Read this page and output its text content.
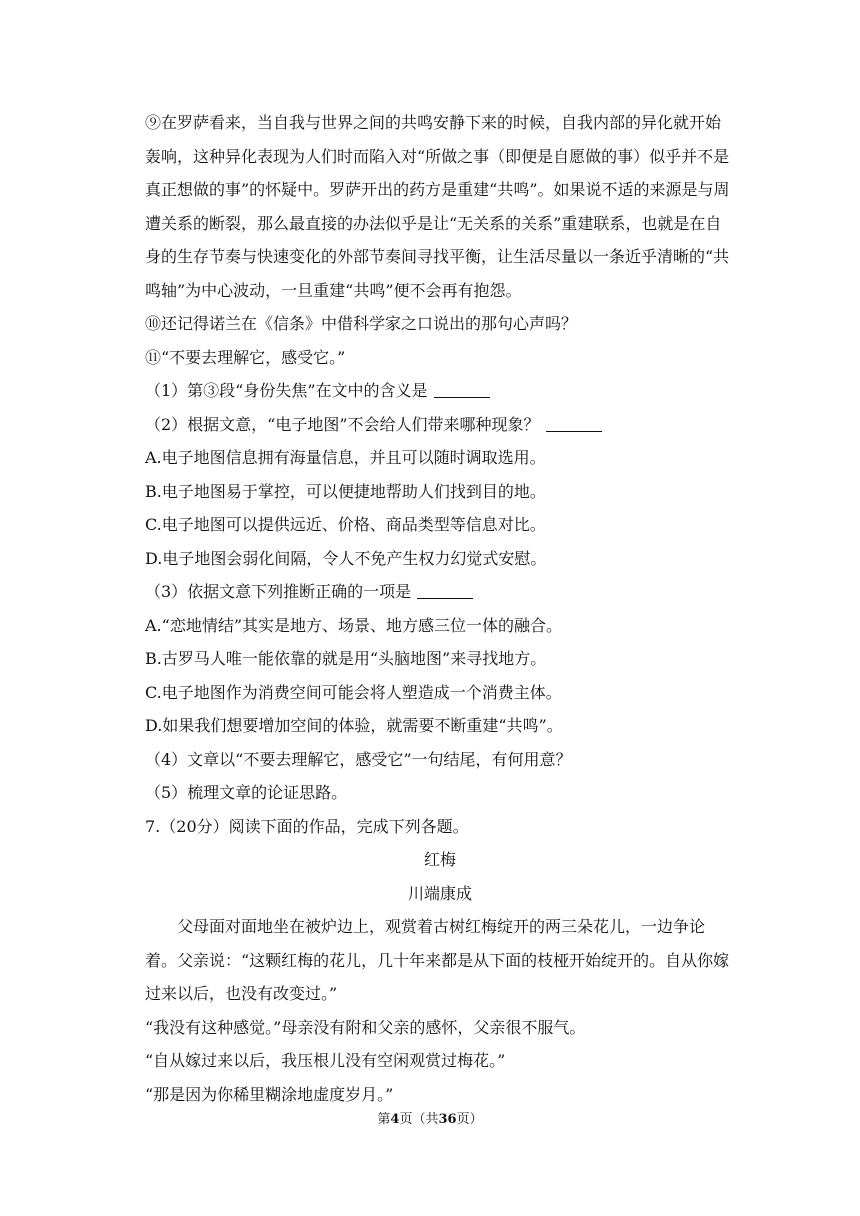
⑨在罗萨看来，当自我与世界之间的共鸣安静下来的时候，自我内部的异化就开始轰响，这种异化表现为人们时而陷入对“所做之事（即便是自愿做的事）似乎并不是真正想做的事”的怀疑中。罗萨开出的药方是重建“共鸣”。如果说不适的来源是与周遭关系的断裂，那么最直接的办法似乎是让“无关系的关系”重建联系，也就是在自身的生存节奏与快速变化的外部节奏间寻找平衡，让生活尽量以一条近乎清晰的“共鸣轴”为中心波动，一旦重建“共鸣”便不会再有抱怨。

⑩还记得诺兰在《信条》中借科学家之口说出的那句心声吗？

⑪“不要去理解它，感受它。”

（1）第③段“身份失焦”在文中的含义是

（2）根据文意，“电子地图”不会给人们带来哪种现象？

A.电子地图信息拥有海量信息，并且可以随时调取选用。

B.电子地图易于掌控，可以便捷地帮助人们找到目的地。

C.电子地图可以提供远近、价格、商品类型等信息对比。

D.电子地图会弱化间隔，令人不免产生权力幻觉式安慰。

（3）依据文意下列推断正确的一项是

A.“恋地情结”其实是地方、场景、地方感三位一体的融合。

B.古罗马人唯一能依靠的就是用“头脑地图”来寻找地方。

C.电子地图作为消费空间可能会将人塑造成一个消费主体。

D.如果我们想要增加空间的体验，就需要不断重建“共鸣”。

（4）文章以“不要去理解它，感受它”一句结尾，有何用意？

（5）梳理文章的论证思路。

7.（20分）阅读下面的作品，完成下列各题。

红梅

川端康成

父母面对面地坐在被炉边上，观赏着古树红梅绽开的两三朵花儿，一边争论着。父亲说：“这颗红梅的花儿，几十年来都是从下面的枝桠开始绽开的。自从你嫁过来以后，也没有改变过。”

“我没有这种感觉。”母亲没有附和父亲的感怀，父亲很不服气。

“自从嫁过来以后，我压根儿没有空闲观赏过梅花。”

“那是因为你稀里糊涂地虚度岁月。”

第4页（共36页）
